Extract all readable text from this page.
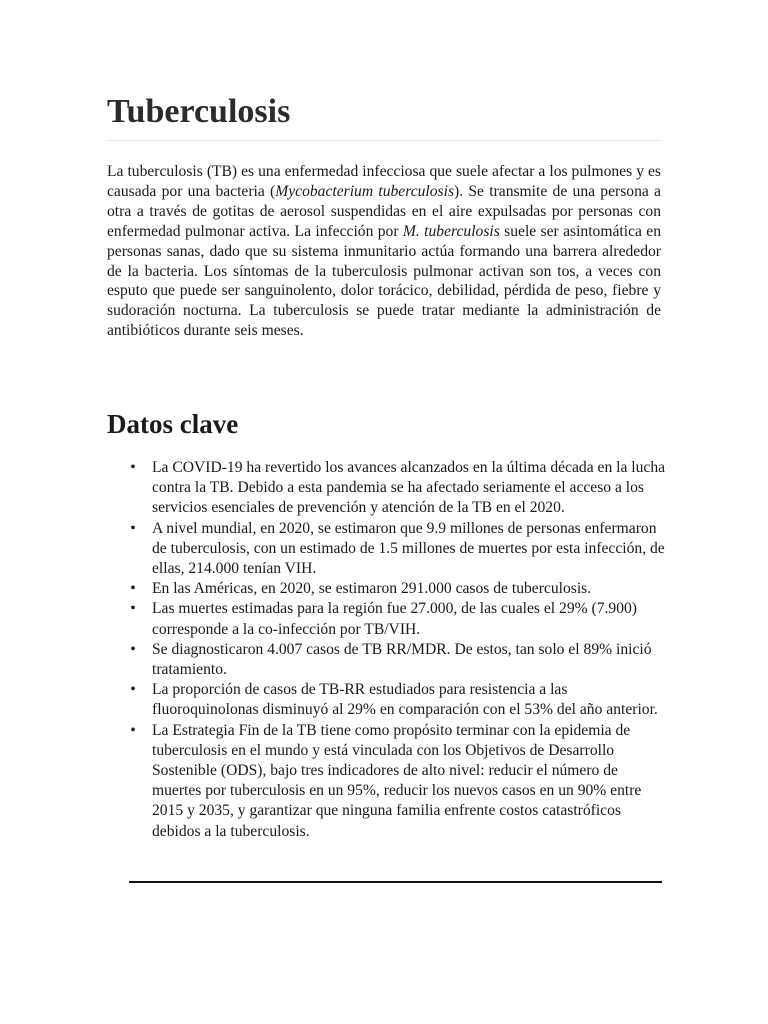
Tuberculosis

La tuberculosis (TB) es una enfermedad infecciosa que suele afectar a los pulmones y es causada por una bacteria (Mycobacterium tuberculosis). Se transmite de una persona a otra a través de gotitas de aerosol suspendidas en el aire expulsadas por personas con enfermedad pulmonar activa. La infección por M. tuberculosis suele ser asintomática en personas sanas, dado que su sistema inmunitario actúa formando una barrera alrededor de la bacteria. Los síntomas de la tuberculosis pulmonar activan son tos, a veces con esputo que puede ser sanguinolento, dolor torácico, debilidad, pérdida de peso, fiebre y sudoración nocturna. La tuberculosis se puede tratar mediante la administración de antibióticos durante seis meses.

Datos clave
• La COVID-19 ha revertido los avances alcanzados en la última década en la lucha contra la TB. Debido a esta pandemia se ha afectado seriamente el acceso a los servicios esenciales de prevención y atención de la TB en el 2020.
• A nivel mundial, en 2020, se estimaron que 9.9 millones de personas enfermaron de tuberculosis, con un estimado de 1.5 millones de muertes por esta infección, de ellas, 214.000 tenían VIH.
• En las Américas, en 2020, se estimaron 291.000 casos de tuberculosis.
• Las muertes estimadas para la región fue 27.000, de las cuales el 29% (7.900) corresponde a la co-infección por TB/VIH.
• Se diagnosticaron 4.007 casos de TB RR/MDR. De estos, tan solo el 89% inició tratamiento.
• La proporción de casos de TB-RR estudiados para resistencia a las fluoroquinolonas disminuyó al 29% en comparación con el 53% del año anterior.
• La Estrategia Fin de la TB tiene como propósito terminar con la epidemia de tuberculosis en el mundo y está vinculada con los Objetivos de Desarrollo Sostenible (ODS), bajo tres indicadores de alto nivel: reducir el número de muertes por tuberculosis en un 95%, reducir los nuevos casos en un 90% entre 2015 y 2035, y garantizar que ninguna familia enfrente costos catastróficos debidos a la tuberculosis.
